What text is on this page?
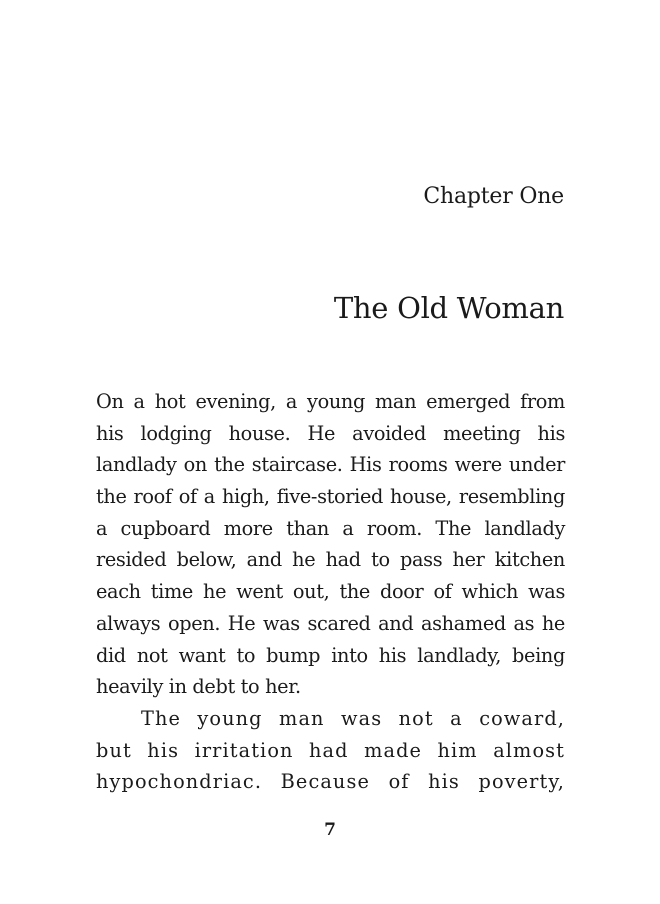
Chapter One
The Old Woman
On a hot evening, a young man emerged from
his lodging house. He avoided meeting his
landlady on the staircase. His rooms were under
the roof of a high, five-storied house, resembling
a cupboard more than a room. The landlady
resided below, and he had to pass her kitchen
each time he went out, the door of which was
always open. He was scared and ashamed as he
did not want to bump into his landlady, being
heavily in debt to her.
The young man was not a coward,
but his irritation had made him almost
hypochondriac. Because of his poverty,
7
